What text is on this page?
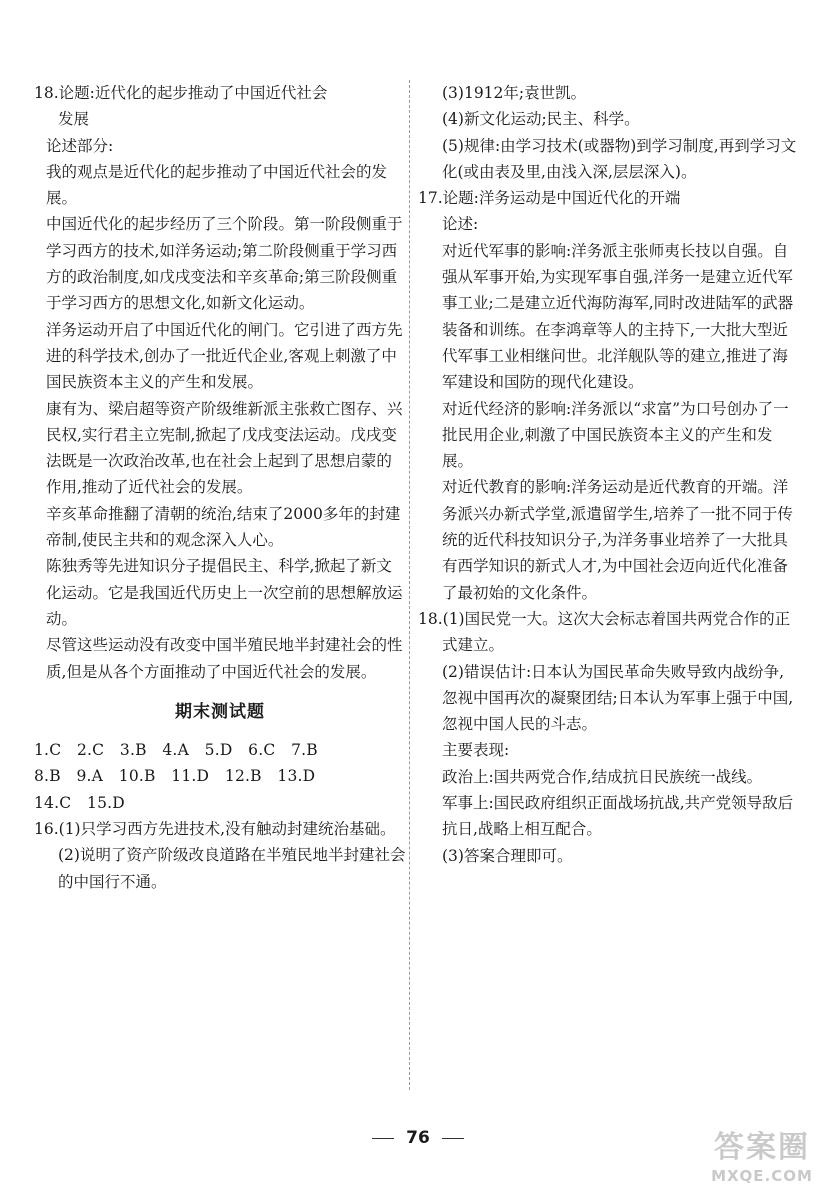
18.论题:近代化的起步推动了中国近代社会

发展

论述部分:

我的观点是近代化的起步推动了中国近代社会的发展。

中国近代化的起步经历了三个阶段。第一阶段侧重于学习西方的技术,如洋务运动;第二阶段侧重于学习西方的政治制度,如戊戌变法和辛亥革命;第三阶段侧重于学习西方的思想文化,如新文化运动。

洋务运动开启了中国近代化的闸门。它引进了西方先进的科学技术,创办了一批近代企业,客观上刺激了中国民族资本主义的产生和发展。

康有为、梁启超等资产阶级维新派主张救亡图存、兴民权,实行君主立宪制,掀起了戊戌变法运动。戊戌变法既是一次政治改革,也在社会上起到了思想启蒙的作用,推动了近代社会的发展。

辛亥革命推翻了清朝的统治,结束了2000多年的封建帝制,使民主共和的观念深入人心。

陈独秀等先进知识分子提倡民主、科学,掀起了新文化运动。它是我国近代历史上一次空前的思想解放运动。

尽管这些运动没有改变中国半殖民地半封建社会的性质,但是从各个方面推动了中国近代社会的发展。

期末测试题

1.C　2.C　3.B　4.A　5.D　6.C　7.B

8.B　9.A　10.B　11.D　12.B　13.D

14.C　15.D

16.(1)只学习西方先进技术,没有触动封建统治基础。

(2)说明了资产阶级改良道路在半殖民地半封建社会的中国行不通。

(3)1912年;袁世凯。

(4)新文化运动;民主、科学。

(5)规律:由学习技术(或器物)到学习制度,再到学习文化(或由表及里,由浅入深,层层深入)。

17.论题:洋务运动是中国近代化的开端

论述:

对近代军事的影响:洋务派主张师夷长技以自强。自强从军事开始,为实现军事自强,洋务一是建立近代军事工业;二是建立近代海防海军,同时改进陆军的武器装备和训练。在李鸿章等人的主持下,一大批大型近代军事工业相继问世。北洋舰队等的建立,推进了海军建设和国防的现代化建设。

对近代经济的影响:洋务派以“求富”为口号创办了一批民用企业,刺激了中国民族资本主义的产生和发展。

对近代教育的影响:洋务运动是近代教育的开端。洋务派兴办新式学堂,派遣留学生,培养了一批不同于传统的近代科技知识分子,为洋务事业培养了一大批具有西学知识的新式人才,为中国社会迈向近代化准备了最初始的文化条件。

18.(1)国民党一大。这次大会标志着国共两党合作的正式建立。

(2)错误估计:日本认为国民革命失败导致内战纷争,忽视中国再次的凝聚团结;日本认为军事上强于中国,忽视中国人民的斗志。

主要表现:

政治上:国共两党合作,结成抗日民族统一战线。

军事上:国民政府组织正面战场抗战,共产党领导敌后抗日,战略上相互配合。

(3)答案合理即可。

76	答案圈
MXQE.COM
